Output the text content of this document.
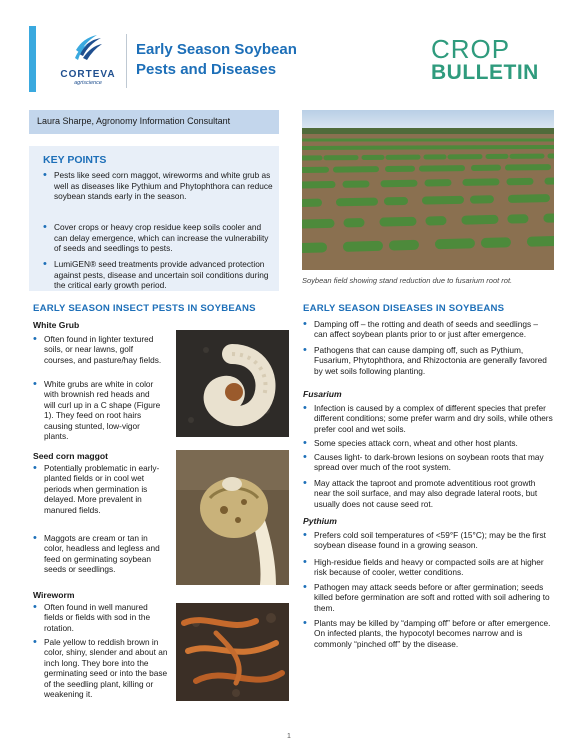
CORTEVA
agriscience
Early Season Soybean
Pests and Diseases
CROP
BULLETIN
Laura Sharpe, Agronomy Information Consultant
Soybean field showing stand reduction due to fusarium root rot.
KEY POINTS
• Pests like seed corn maggot, wireworms and white grub as well as diseases like Pythium and Phytophthora can reduce soybean stands early in the season.
• Cover crops or heavy crop residue keep soils cooler and can delay emergence, which can increase the vulnerability of seeds and seedlings to pests.
• LumiGEN® seed treatments provide advanced protection against pests, disease and uncertain soil conditions during the critical early growth period.
EARLY SEASON INSECT PESTS IN SOYBEANS
White Grub
• Often found in lighter textured soils, or near lawns, golf courses, and pasture/hay fields.
• White grubs are white in color with brownish red heads and will curl up in a C shape (Figure 1). They feed on root hairs causing stunted, low-vigor plants.
Seed corn maggot
• Potentially problematic in early-planted fields or in cool wet periods when germination is delayed. More prevalent in manured fields.
• Maggots are cream or tan in color, headless and legless and feed on germinating soybean seeds or seedlings.
Wireworm
• Often found in well manured fields or fields with sod in the rotation.
• Pale yellow to reddish brown in color, shiny, slender and about an inch long. They bore into the germinating seed or into the base of the seedling plant, killing or weakening it.
EARLY SEASON DISEASES IN SOYBEANS
• Damping off – the rotting and death of seeds and seedlings – can affect soybean plants prior to or just after emergence.
• Pathogens that can cause damping off, such as Pythium, Fusarium, Phytophthora, and Rhizoctonia are generally favored by wet soils following planting.
Fusarium
• Infection is caused by a complex of different species that prefer different conditions; some prefer warm and dry soils, while others prefer cool and wet soils.
• Some species attack corn, wheat and other host plants.
• Causes light- to dark-brown lesions on soybean roots that may spread over much of the root system.
• May attack the taproot and promote adventitious root growth near the soil surface, and may also degrade lateral roots, but usually does not cause seed rot.
Pythium
• Prefers cold soil temperatures of <59°F (15°C); may be the first soybean disease found in a growing season.
• High-residue fields and heavy or compacted soils are at higher risk because of cooler, wetter conditions.
• Pathogen may attack seeds before or after germination; seeds killed before germination are soft and rotted with soil adhering to them.
• Plants may be killed by “damping off” before or after emergence. On infected plants, the hypocotyl becomes narrow and is commonly “pinched off” by the disease.
1
